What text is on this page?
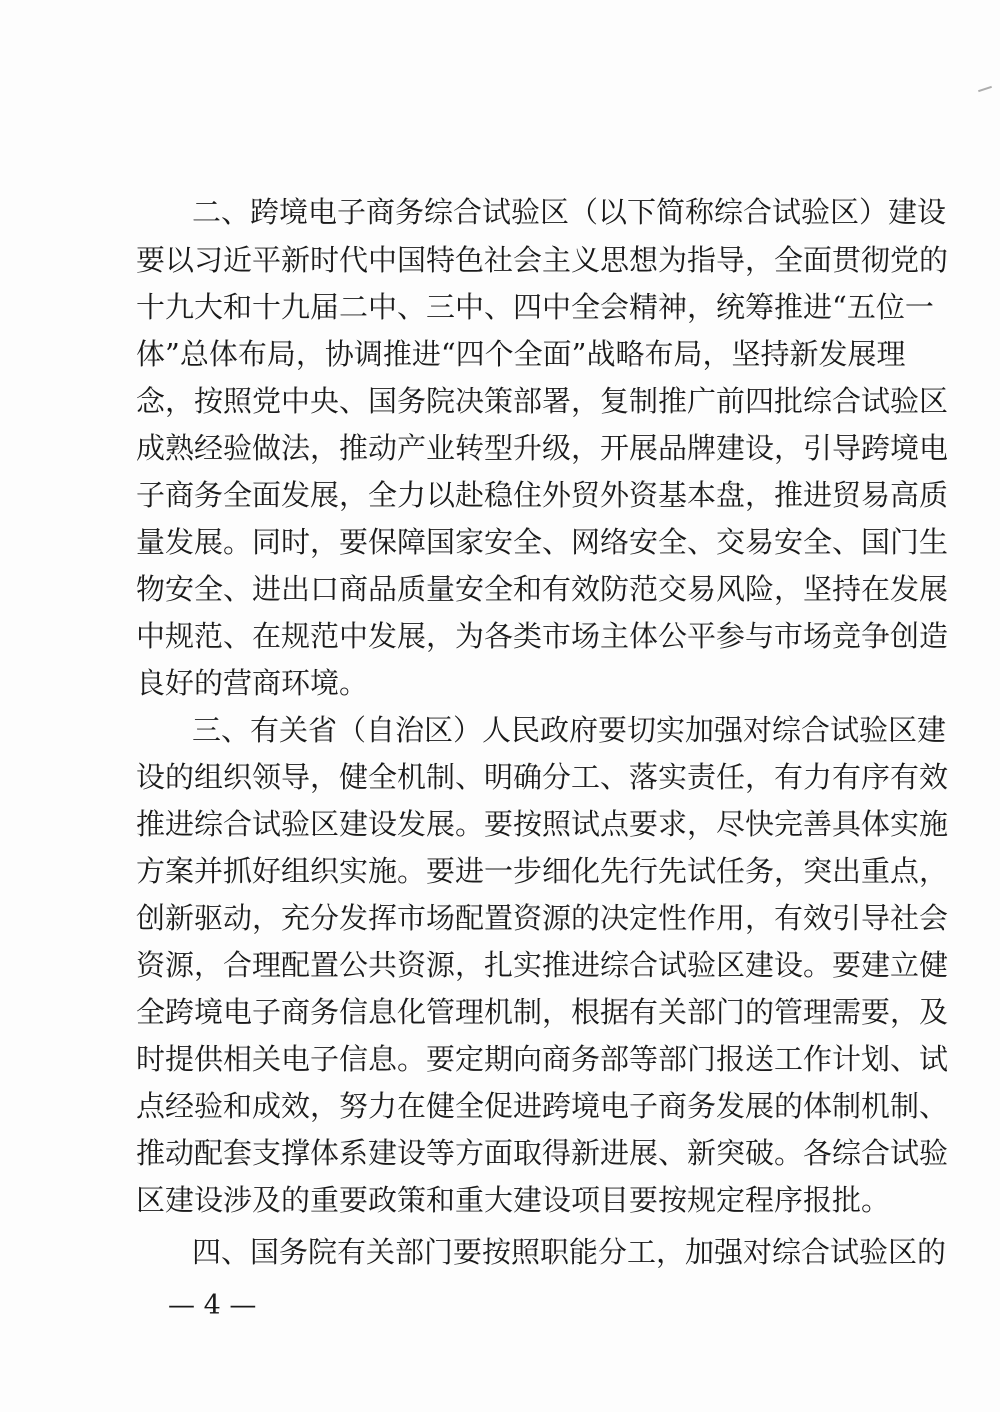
二、跨境电子商务综合试验区（以下简称综合试验区）建设
要以习近平新时代中国特色社会主义思想为指导，全面贯彻党的
十九大和十九届二中、三中、四中全会精神，统筹推进“五位一
体”总体布局，协调推进“四个全面”战略布局，坚持新发展理
念，按照党中央、国务院决策部署，复制推广前四批综合试验区
成熟经验做法，推动产业转型升级，开展品牌建设，引导跨境电
子商务全面发展，全力以赴稳住外贸外资基本盘，推进贸易高质
量发展。同时，要保障国家安全、网络安全、交易安全、国门生
物安全、进出口商品质量安全和有效防范交易风险，坚持在发展
中规范、在规范中发展，为各类市场主体公平参与市场竞争创造
良好的营商环境。
三、有关省（自治区）人民政府要切实加强对综合试验区建
设的组织领导，健全机制、明确分工、落实责任，有力有序有效
推进综合试验区建设发展。要按照试点要求，尽快完善具体实施
方案并抓好组织实施。要进一步细化先行先试任务，突出重点，
创新驱动，充分发挥市场配置资源的决定性作用，有效引导社会
资源，合理配置公共资源，扎实推进综合试验区建设。要建立健
全跨境电子商务信息化管理机制，根据有关部门的管理需要，及
时提供相关电子信息。要定期向商务部等部门报送工作计划、试
点经验和成效，努力在健全促进跨境电子商务发展的体制机制、
推动配套支撑体系建设等方面取得新进展、新突破。各综合试验
区建设涉及的重要政策和重大建设项目要按规定程序报批。
四、国务院有关部门要按照职能分工，加强对综合试验区的
— 4 —
